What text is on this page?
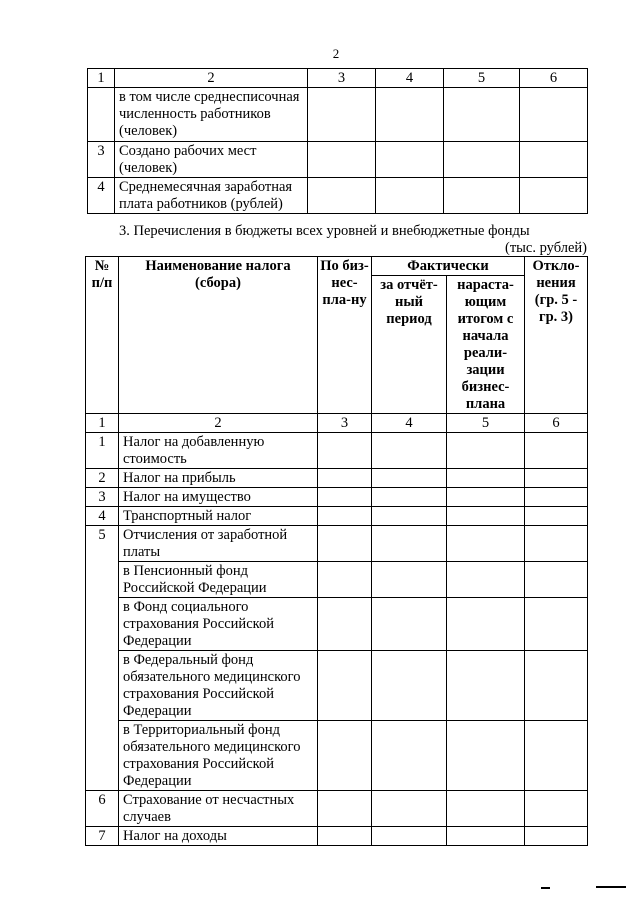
2
1	2	3	4	5	6
	в том числе среднесписочная численность работников (человек)				
3	Создано рабочих мест (человек)				
4	Среднемесячная заработная плата работников (рублей)				
3. Перечисления в бюджеты всех уровней и внебюджетные фонды
(тыс. рублей)
№ п/п	Наименование налога (сбора)	По биз-нес-пла-ну	Фактически		Откло-нения (гр. 5 - гр. 3)
			за отчёт-ный период	нараста-ющим итогом с начала реали-зации бизнес-плана	
1	2	3	4	5	6
1	Налог на добавленную стоимость				
2	Налог на прибыль				
3	Налог на имущество				
4	Транспортный налог				
5	Отчисления от заработной платы				
	в Пенсионный фонд Российской Федерации				
	в Фонд социального страхования Российской Федерации				
	в Федеральный фонд обязательного медицинского страхования Российской Федерации				
	в Территориальный фонд обязательного медицинского страхования Российской Федерации				
6	Страхование от несчастных случаев				
7	Налог на доходы				
